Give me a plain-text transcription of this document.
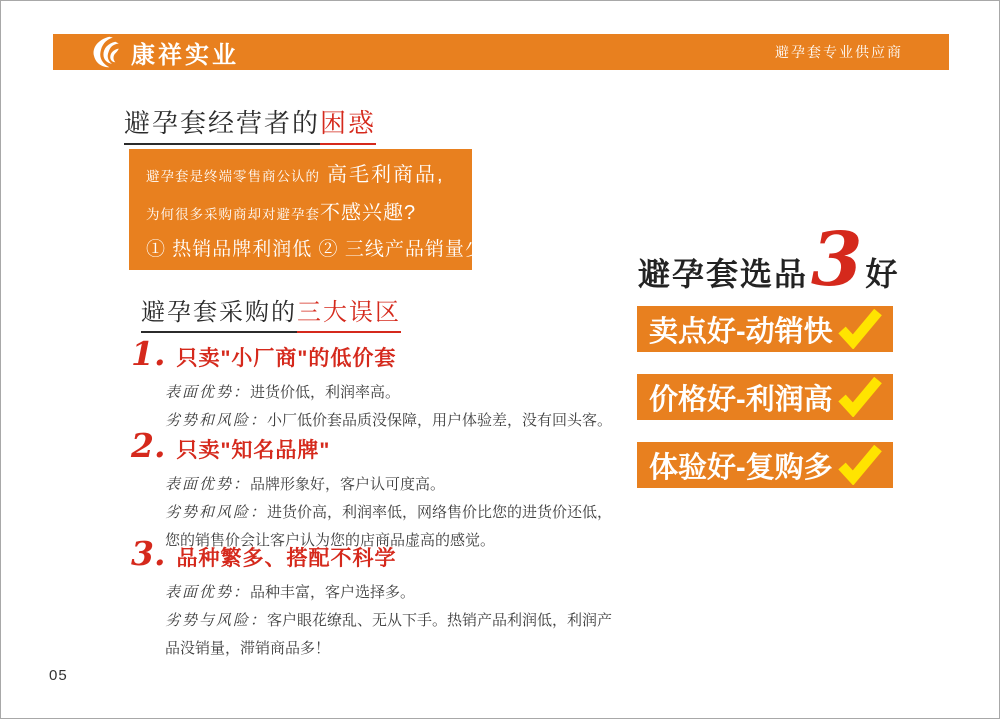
康祥实业	避孕套专业供应商
避孕套经营者的困惑
避孕套是终端零售商公认的 高毛利商品,
为何很多采购商却对避孕套 不感兴趣?
① 热销品牌利润低 ② 三线产品销量少
避孕套采购的三大误区
1. 只卖"小厂商"的低价套
表面优势：进货价低，利润率高。
劣势和风险：小厂低价套品质没保障，用户体验差，没有回头客。
2. 只卖"知名品牌"
表面优势：品牌形象好，客户认可度高。
劣势和风险：进货价高，利润率低，网络售价比您的进货价还低，您的销售价会让客户认为您的店商品虚高的感觉。
3. 品种繁多、搭配不科学
表面优势：品种丰富，客户选择多。
劣势与风险：客户眼花缭乱、无从下手。热销产品利润低，利润产品没销量，滞销商品多！
避孕套选品 3 好
卖点好-动销快
价格好-利润高
体验好-复购多
05
